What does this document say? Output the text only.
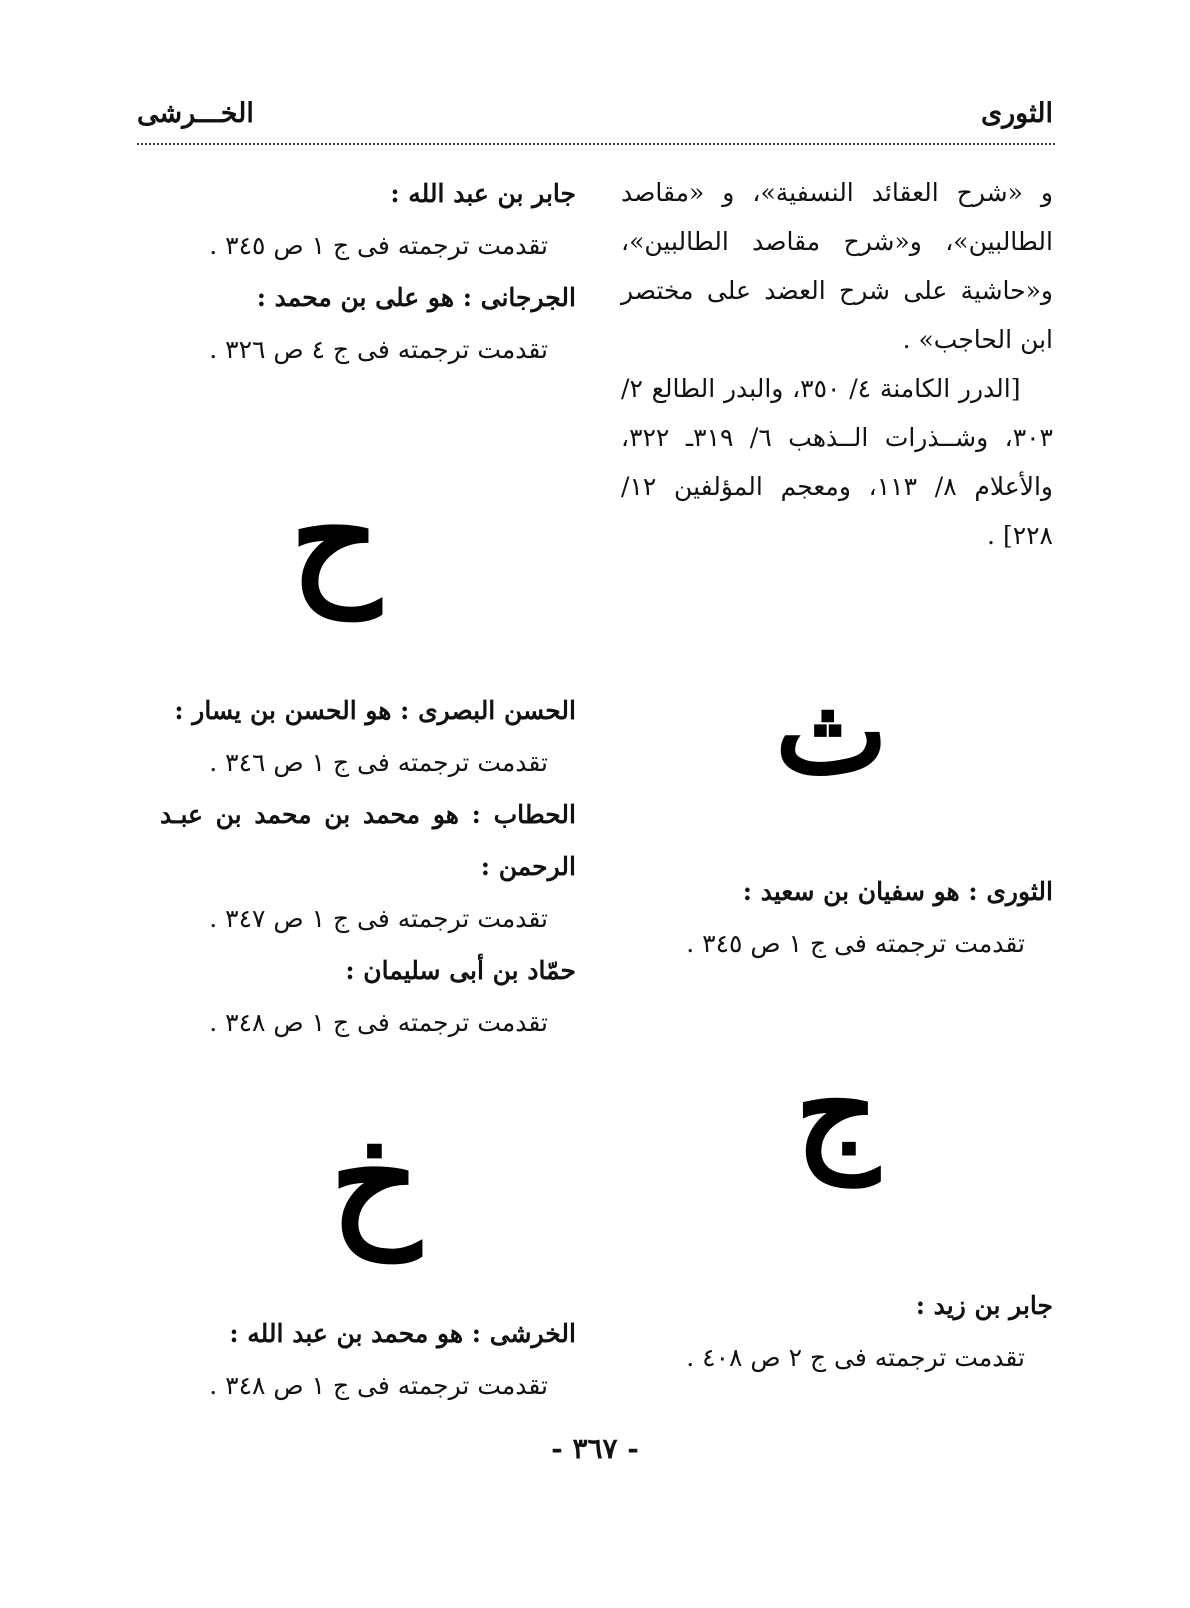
الثورى
الخـــرشى

و «شرح العقائد النسفية»، و «مقاصد الطالبين»، و«شرح مقاصد الطالبين»، و«حاشية على شرح العضد على مختصر ابن الحاجب» .

[الدرر الكامنة ٤/ ٣٥٠، والبدر الطالع ٢/ ٣٠٣، وشــذرات الــذهب ٦/ ٣١٩ـ ٣٢٢، والأعلام ٨/ ١١٣، ومعجم المؤلفين ١٢/ ٢٢٨] .

ث

الثورى : هو سفيان بن سعيد :

تقدمت ترجمته فى ج ١ ص ٣٤٥ .

ج

جابر بن زيد :

تقدمت ترجمته فى ج ٢ ص ٤٠٨ .

جابر بن عبد الله :

تقدمت ترجمته فى ج ١ ص ٣٤٥ .

الجرجانى : هو على بن محمد :

تقدمت ترجمته فى ج ٤ ص ٣٢٦ .

ح

الحسن البصرى : هو الحسن بن يسار :

تقدمت ترجمته فى ج ١ ص ٣٤٦ .

الحطاب : هو محمد بن محمد بن عبـد الرحمن :

تقدمت ترجمته فى ج ١ ص ٣٤٧ .

حمّاد بن أبى سليمان :

تقدمت ترجمته فى ج ١ ص ٣٤٨ .

خ

الخرشى : هو محمد بن عبد الله :

تقدمت ترجمته فى ج ١ ص ٣٤٨ .

- ٣٦٧ -
